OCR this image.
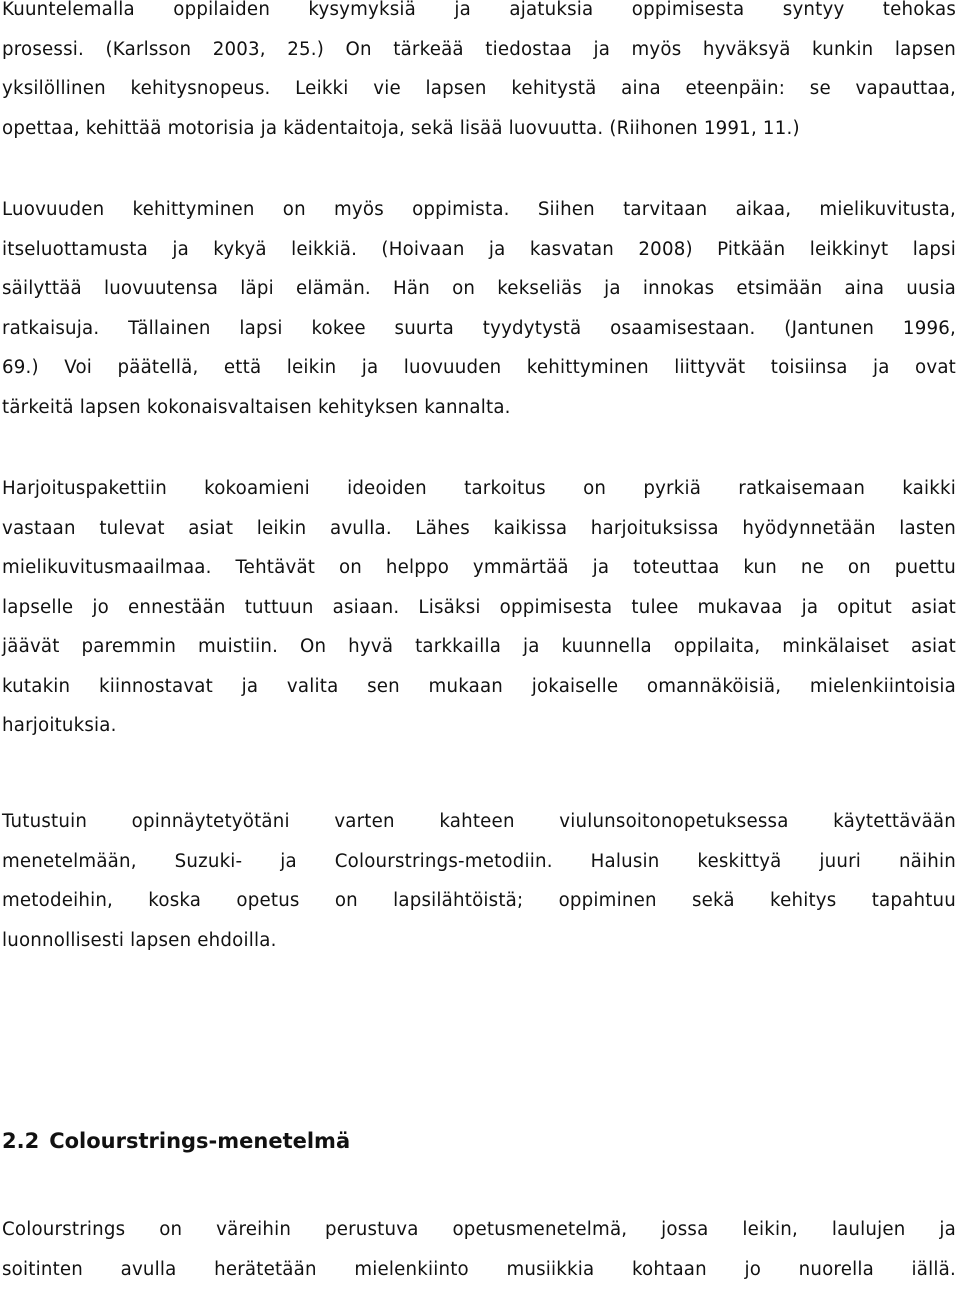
Kuuntelemalla oppilaiden kysymyksiä ja ajatuksia oppimisesta syntyy tehokas
prosessi. (Karlsson 2003, 25.) On tärkeää tiedostaa ja myös hyväksyä kunkin lapsen
yksilöllinen kehitysnopeus. Leikki vie lapsen kehitystä aina eteenpäin: se vapauttaa,
opettaa, kehittää motorisia ja kädentaitoja, sekä lisää luovuutta. (Riihonen 1991, 11.)
Luovuuden kehittyminen on myös oppimista. Siihen tarvitaan aikaa, mielikuvitusta,
itseluottamusta ja kykyä leikkiä. (Hoivaan ja kasvatan 2008) Pitkään leikkinyt lapsi
säilyttää luovuutensa läpi elämän. Hän on kekseliäs ja innokas etsimään aina uusia
ratkaisuja. Tällainen lapsi kokee suurta tyydytystä osaamisestaan. (Jantunen 1996,
69.) Voi päätellä, että leikin ja luovuuden kehittyminen liittyvät toisiinsa ja ovat
tärkeitä lapsen kokonaisvaltaisen kehityksen kannalta.
Harjoituspakettiin kokoamieni ideoiden tarkoitus on pyrkiä ratkaisemaan kaikki
vastaan tulevat asiat leikin avulla. Lähes kaikissa harjoituksissa hyödynnetään lasten
mielikuvitusmaailmaa. Tehtävät on helppo ymmärtää ja toteuttaa kun ne on puettu
lapselle jo ennestään tuttuun asiaan. Lisäksi oppimisesta tulee mukavaa ja opitut asiat
jäävät paremmin muistiin. On hyvä tarkkailla ja kuunnella oppilaita, minkälaiset asiat
kutakin kiinnostavat ja valita sen mukaan jokaiselle omannäköisiä, mielenkiintoisia
harjoituksia.
Tutustuin opinnäytetyötäni varten kahteen viulunsoitonopetuksessa käytettävään
menetelmään, Suzuki- ja Colourstrings-metodiin. Halusin keskittyä juuri näihin
metodeihin, koska opetus on lapsilähtöistä; oppiminen sekä kehitys tapahtuu
luonnollisesti lapsen ehdoilla.
2.2 Colourstrings-menetelmä
Colourstrings on väreihin perustuva opetusmenetelmä, jossa leikin, laulujen ja
soitinten avulla herätetään mielenkiinto musiikkia kohtaan jo nuorella iällä.
